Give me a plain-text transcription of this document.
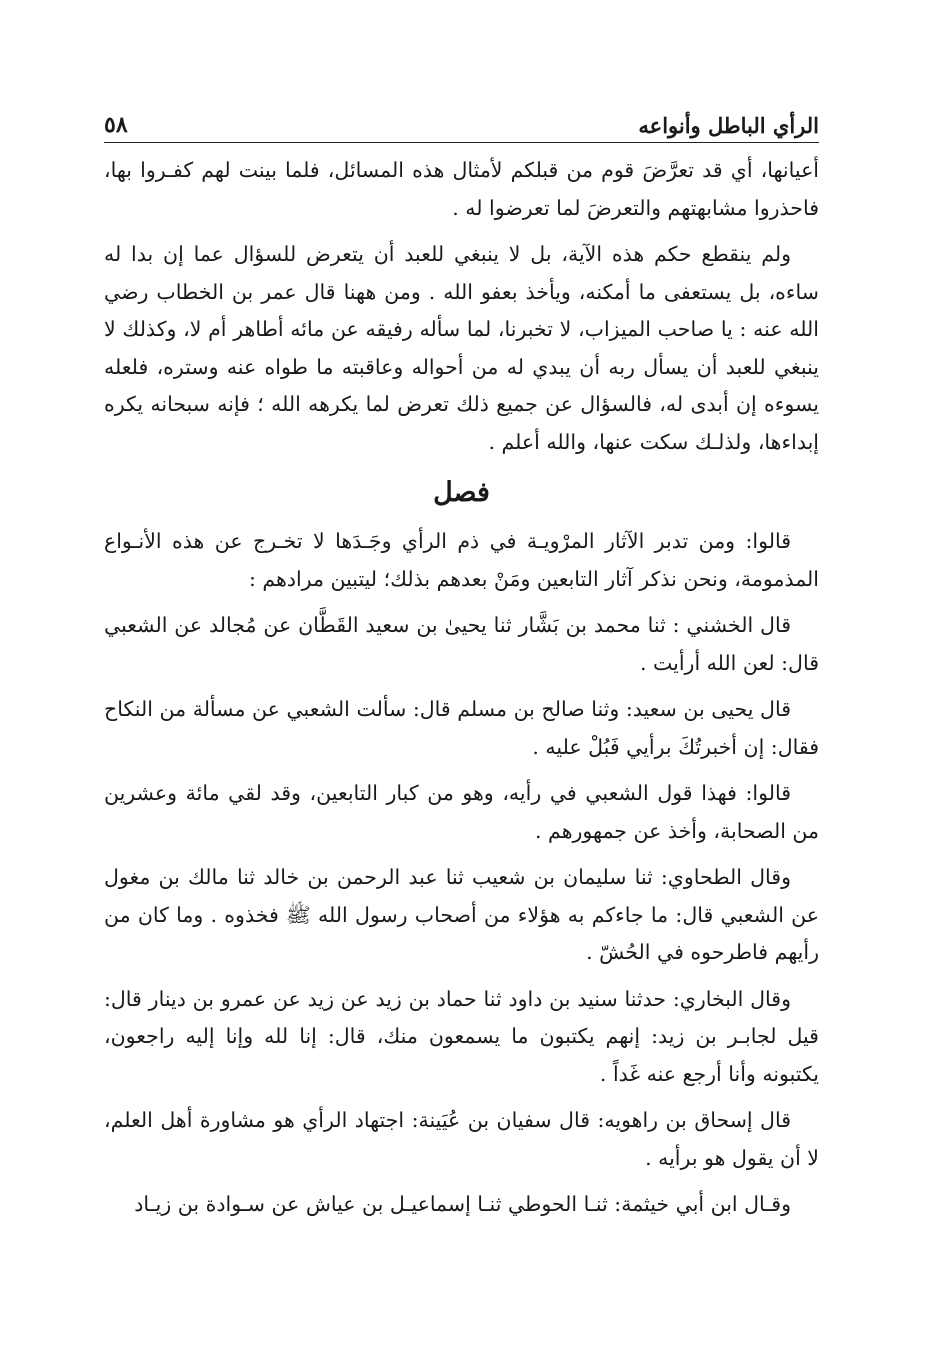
الرأي الباطل وأنواعه
٥٨

أعيانها، أي قد تعرَّضَ قوم من قبلكم لأمثال هذه المسائل، فلما بينت لهم كفـروا بها، فاحذروا مشابهتهم والتعرضَ لما تعرضوا له .

ولم ينقطع حكم هذه الآية، بل لا ينبغي للعبد أن يتعرض للسؤال عما إن بدا له ساءه، بل يستعفى ما أمكنه، ويأخذ بعفو الله . ومن ههنا قال عمر بن الخطاب رضي الله عنه : يا صاحب الميزاب، لا تخبرنا، لما سأله رفيقه عن مائه أطاهر أم لا، وكذلك لا ينبغي للعبد أن يسأل ربه أن يبدي له من أحواله وعاقبته ما طواه عنه وستره، فلعله يسوءه إن أبدى له، فالسؤال عن جميع ذلك تعرض لما يكرهه الله ؛ فإنه سبحانه يكره إبداءها، ولذلـك سكت عنها، والله أعلم .

فصل

قالوا: ومن تدبر الآثار المرْويـة في ذم الرأي وجَـدَها لا تخـرج عن هذه الأنـواع المذمومة، ونحن نذكر آثار التابعين ومَنْ بعدهم بذلك؛ ليتبين مرادهم :

قال الخشني : ثنا محمد بن بَشَّار ثنا يحيىٰ بن سعيد القَطَّان عن مُجالد عن الشعبي قال: لعن الله أرأيت .

قال يحيى بن سعيد: وثنا صالح بن مسلم قال: سألت الشعبي عن مسألة من النكاح فقال: إن أخبرتُكَ برأيي فَبُلْ عليه .

قالوا: فهذا قول الشعبي في رأيه، وهو من كبار التابعين، وقد لقي مائة وعشرين من الصحابة، وأخذ عن جمهورهم .

وقال الطحاوي: ثنا سليمان بن شعيب ثنا عبد الرحمن بن خالد ثنا مالك بن مغول عن الشعبي قال: ما جاءكم به هؤلاء من أصحاب رسول الله ﷺ فخذوه . وما كان من رأيهم فاطرحوه في الحُشّ .

وقال البخاري: حدثنا سنيد بن داود ثنا حماد بن زيد عن زيد عن عمرو بن دينار قال: قيل لجابـر بن زيد: إنهم يكتبون ما يسمعون منك، قال: إنا لله وإنا إليه راجعون، يكتبونه وأنا أرجع عنه غَداً .

قال إسحاق بن راهويه: قال سفيان بن عُيَينة: اجتهاد الرأي هو مشاورة أهل العلم، لا أن يقول هو برأيه .

وقـال ابن أبي خيثمة: ثنـا الحوطي ثنـا إسماعيـل بن عياش عن سـوادة بن زيـاد
